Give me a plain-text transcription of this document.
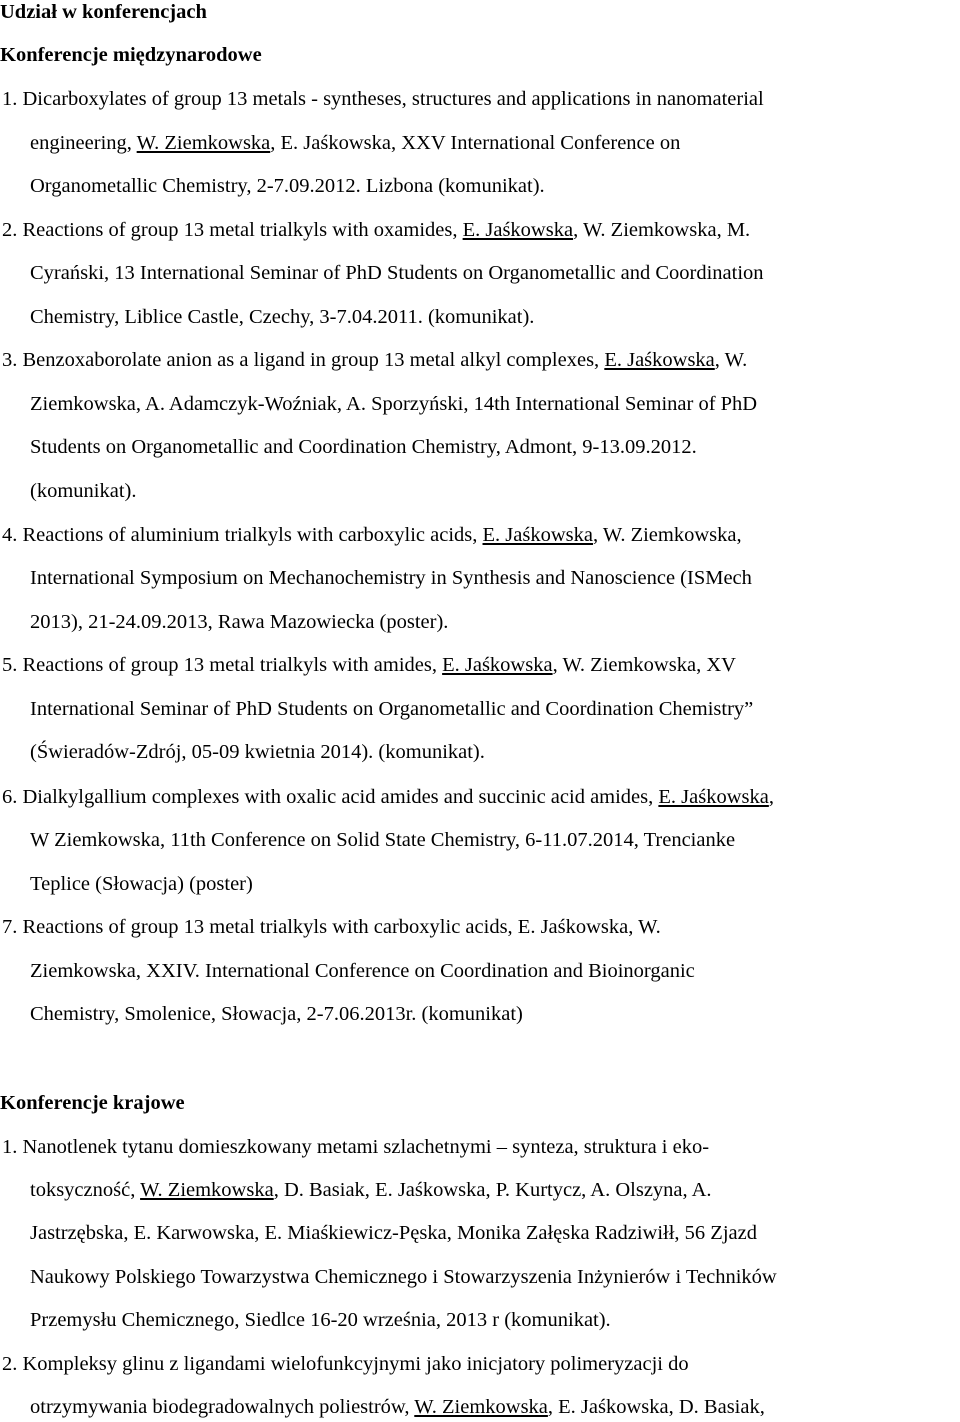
Udział w konferencjach
Konferencje międzynarodowe
1. Dicarboxylates of group 13 metals - syntheses, structures and applications in nanomaterial
engineering, W. Ziemkowska, E. Jaśkowska, XXV International Conference on
Organometallic Chemistry, 2-7.09.2012. Lizbona (komunikat).
2. Reactions of group 13 metal trialkyls with oxamides, E. Jaśkowska, W. Ziemkowska, M.
Cyrański, 13 International Seminar of PhD Students on Organometallic and Coordination
Chemistry, Liblice Castle, Czechy, 3-7.04.2011. (komunikat).
3. Benzoxaborolate anion as a ligand in group 13 metal alkyl complexes, E. Jaśkowska, W.
Ziemkowska, A. Adamczyk-Woźniak, A. Sporzyński, 14th International Seminar of PhD
Students on Organometallic and Coordination Chemistry, Admont, 9-13.09.2012.
(komunikat).
4. Reactions of aluminium trialkyls with carboxylic acids, E. Jaśkowska, W. Ziemkowska,
International Symposium on Mechanochemistry in Synthesis and Nanoscience (ISMech
2013), 21-24.09.2013, Rawa Mazowiecka (poster).
5. Reactions of group 13 metal trialkyls with amides, E. Jaśkowska, W. Ziemkowska, XV
International Seminar of PhD Students on Organometallic and Coordination Chemistry”
(Świeradów-Zdrój, 05-09 kwietnia 2014). (komunikat).
6. Dialkylgallium complexes with oxalic acid amides and succinic acid amides, E. Jaśkowska,
W Ziemkowska, 11th Conference on Solid State Chemistry, 6-11.07.2014, Trencianke
Teplice (Słowacja) (poster)
7. Reactions of group 13 metal trialkyls with carboxylic acids, E. Jaśkowska, W.
Ziemkowska, XXIV. International Conference on Coordination and Bioinorganic
Chemistry, Smolenice, Słowacja, 2-7.06.2013r. (komunikat)
Konferencje krajowe
1. Nanotlenek tytanu domieszkowany metami szlachetnymi – synteza, struktura i eko-
toksyczność, W. Ziemkowska, D. Basiak, E. Jaśkowska, P. Kurtycz, A. Olszyna, A.
Jastrzębska, E. Karwowska, E. Miaśkiewicz-Pęska, Monika Załęska Radziwiłł, 56 Zjazd
Naukowy Polskiego Towarzystwa Chemicznego i Stowarzyszenia Inżynierów i Techników
Przemysłu Chemicznego, Siedlce 16-20 września, 2013 r (komunikat).
2. Kompleksy glinu z ligandami wielofunkcyjnymi jako inicjatory polimeryzacji do
otrzymywania biodegradowalnych poliestrów, W. Ziemkowska, E. Jaśkowska, D. Basiak,
